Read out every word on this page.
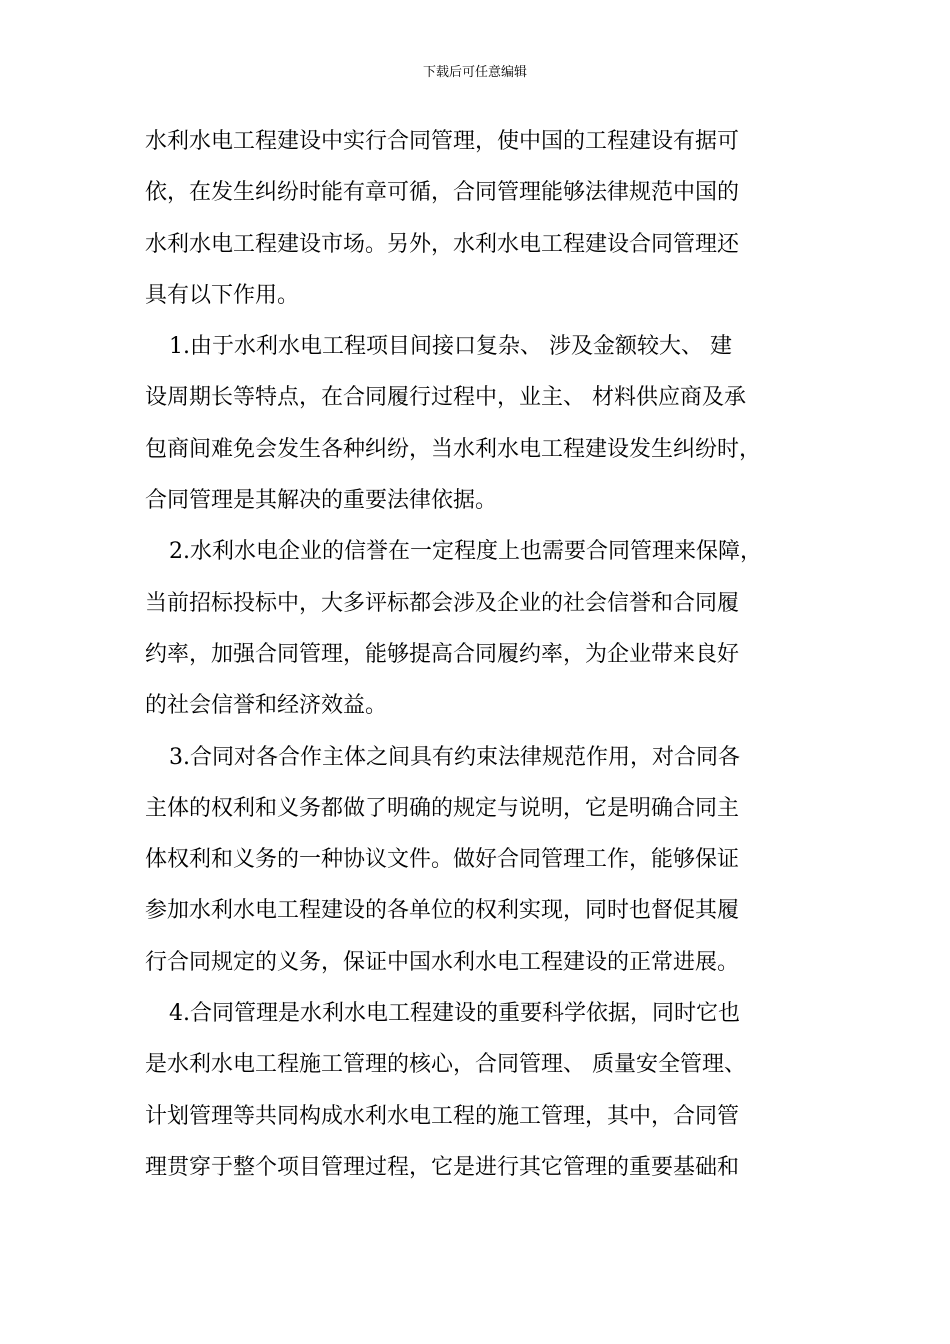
下载后可任意编辑
水利水电工程建设中实行合同管理，使中国的工程建设有据可
依，在发生纠纷时能有章可循，合同管理能够法律规范中国的
水利水电工程建设市场。另外，水利水电工程建设合同管理还
具有以下作用。
1.由于水利水电工程项目间接口复杂、 涉及金额较大、 建
设周期长等特点，在合同履行过程中，业主、 材料供应商及承
包商间难免会发生各种纠纷，当水利水电工程建设发生纠纷时，
合同管理是其解决的重要法律依据。
2.水利水电企业的信誉在一定程度上也需要合同管理来保障，
当前招标投标中，大多评标都会涉及企业的社会信誉和合同履
约率，加强合同管理，能够提高合同履约率，为企业带来良好
的社会信誉和经济效益。
3.合同对各合作主体之间具有约束法律规范作用，对合同各
主体的权利和义务都做了明确的规定与说明，它是明确合同主
体权利和义务的一种协议文件。做好合同管理工作，能够保证
参加水利水电工程建设的各单位的权利实现，同时也督促其履
行合同规定的义务，保证中国水利水电工程建设的正常进展。
4.合同管理是水利水电工程建设的重要科学依据，同时它也
是水利水电工程施工管理的核心，合同管理、 质量安全管理、
计划管理等共同构成水利水电工程的施工管理，其中，合同管
理贯穿于整个项目管理过程，它是进行其它管理的重要基础和
